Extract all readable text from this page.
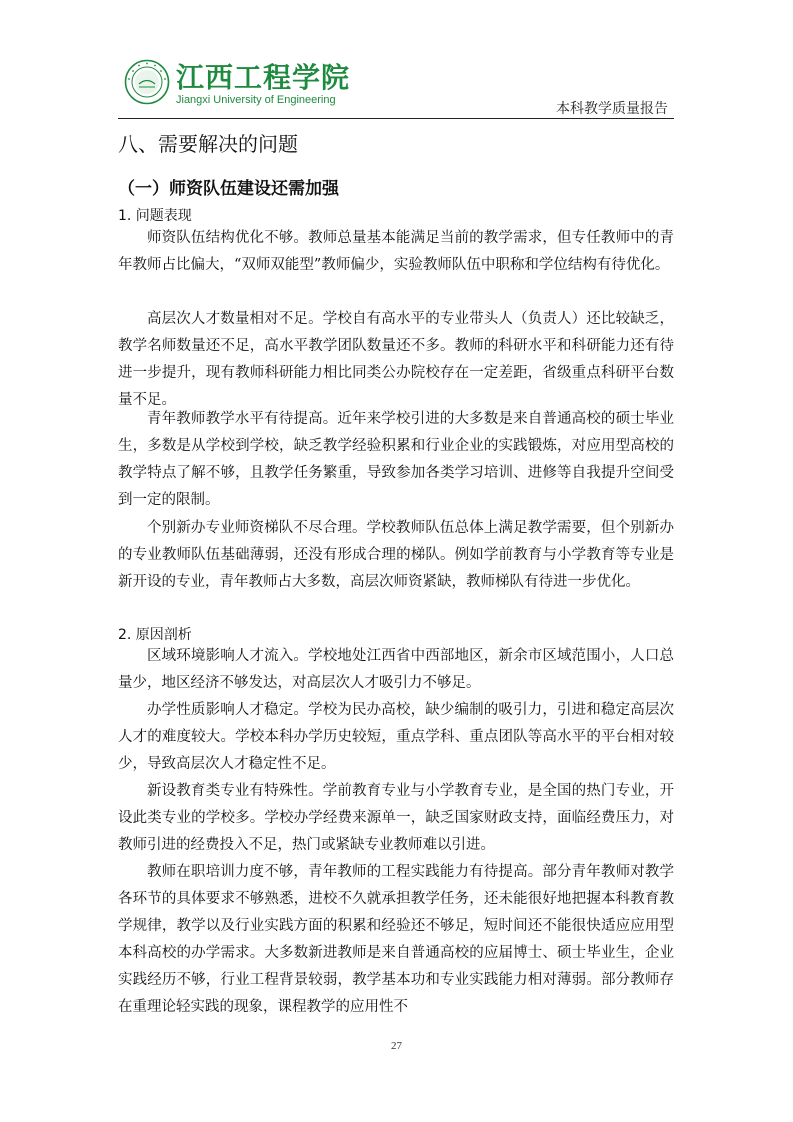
江西工程学院
Jiangxi University of Engineering
本科教学质量报告
八、需要解决的问题
（一）师资队伍建设还需加强
1. 问题表现

师资队伍结构优化不够。教师总量基本能满足当前的教学需求，但专任教师中的青年教师占比偏大，“双师双能型”教师偏少，实验教师队伍中职称和学位结构有待优化。

高层次人才数量相对不足。学校自有高水平的专业带头人（负责人）还比较缺乏，教学名师数量还不足，高水平教学团队数量还不多。教师的科研水平和科研能力还有待进一步提升，现有教师科研能力相比同类公办院校存在一定差距，省级重点科研平台数量不足。

青年教师教学水平有待提高。近年来学校引进的大多数是来自普通高校的硕士毕业生，多数是从学校到学校，缺乏教学经验积累和行业企业的实践锻炼，对应用型高校的教学特点了解不够，且教学任务繁重，导致参加各类学习培训、进修等自我提升空间受到一定的限制。

个别新办专业师资梯队不尽合理。学校教师队伍总体上满足教学需要，但个别新办的专业教师队伍基础薄弱，还没有形成合理的梯队。例如学前教育与小学教育等专业是新开设的专业，青年教师占大多数，高层次师资紧缺，教师梯队有待进一步优化。

2. 原因剖析

区域环境影响人才流入。学校地处江西省中西部地区，新余市区域范围小，人口总量少，地区经济不够发达，对高层次人才吸引力不够足。

办学性质影响人才稳定。学校为民办高校，缺少编制的吸引力，引进和稳定高层次人才的难度较大。学校本科办学历史较短，重点学科、重点团队等高水平的平台相对较少，导致高层次人才稳定性不足。

新设教育类专业有特殊性。学前教育专业与小学教育专业，是全国的热门专业，开设此类专业的学校多。学校办学经费来源单一，缺乏国家财政支持，面临经费压力，对教师引进的经费投入不足，热门或紧缺专业教师难以引进。

教师在职培训力度不够，青年教师的工程实践能力有待提高。部分青年教师对教学各环节的具体要求不够熟悉，进校不久就承担教学任务，还未能很好地把握本科教育教学规律，教学以及行业实践方面的积累和经验还不够足，短时间还不能很快适应应用型本科高校的办学需求。大多数新进教师是来自普通高校的应届博士、硕士毕业生，企业实践经历不够，行业工程背景较弱，教学基本功和专业实践能力相对薄弱。部分教师存在重理论轻实践的现象，课程教学的应用性不

27
